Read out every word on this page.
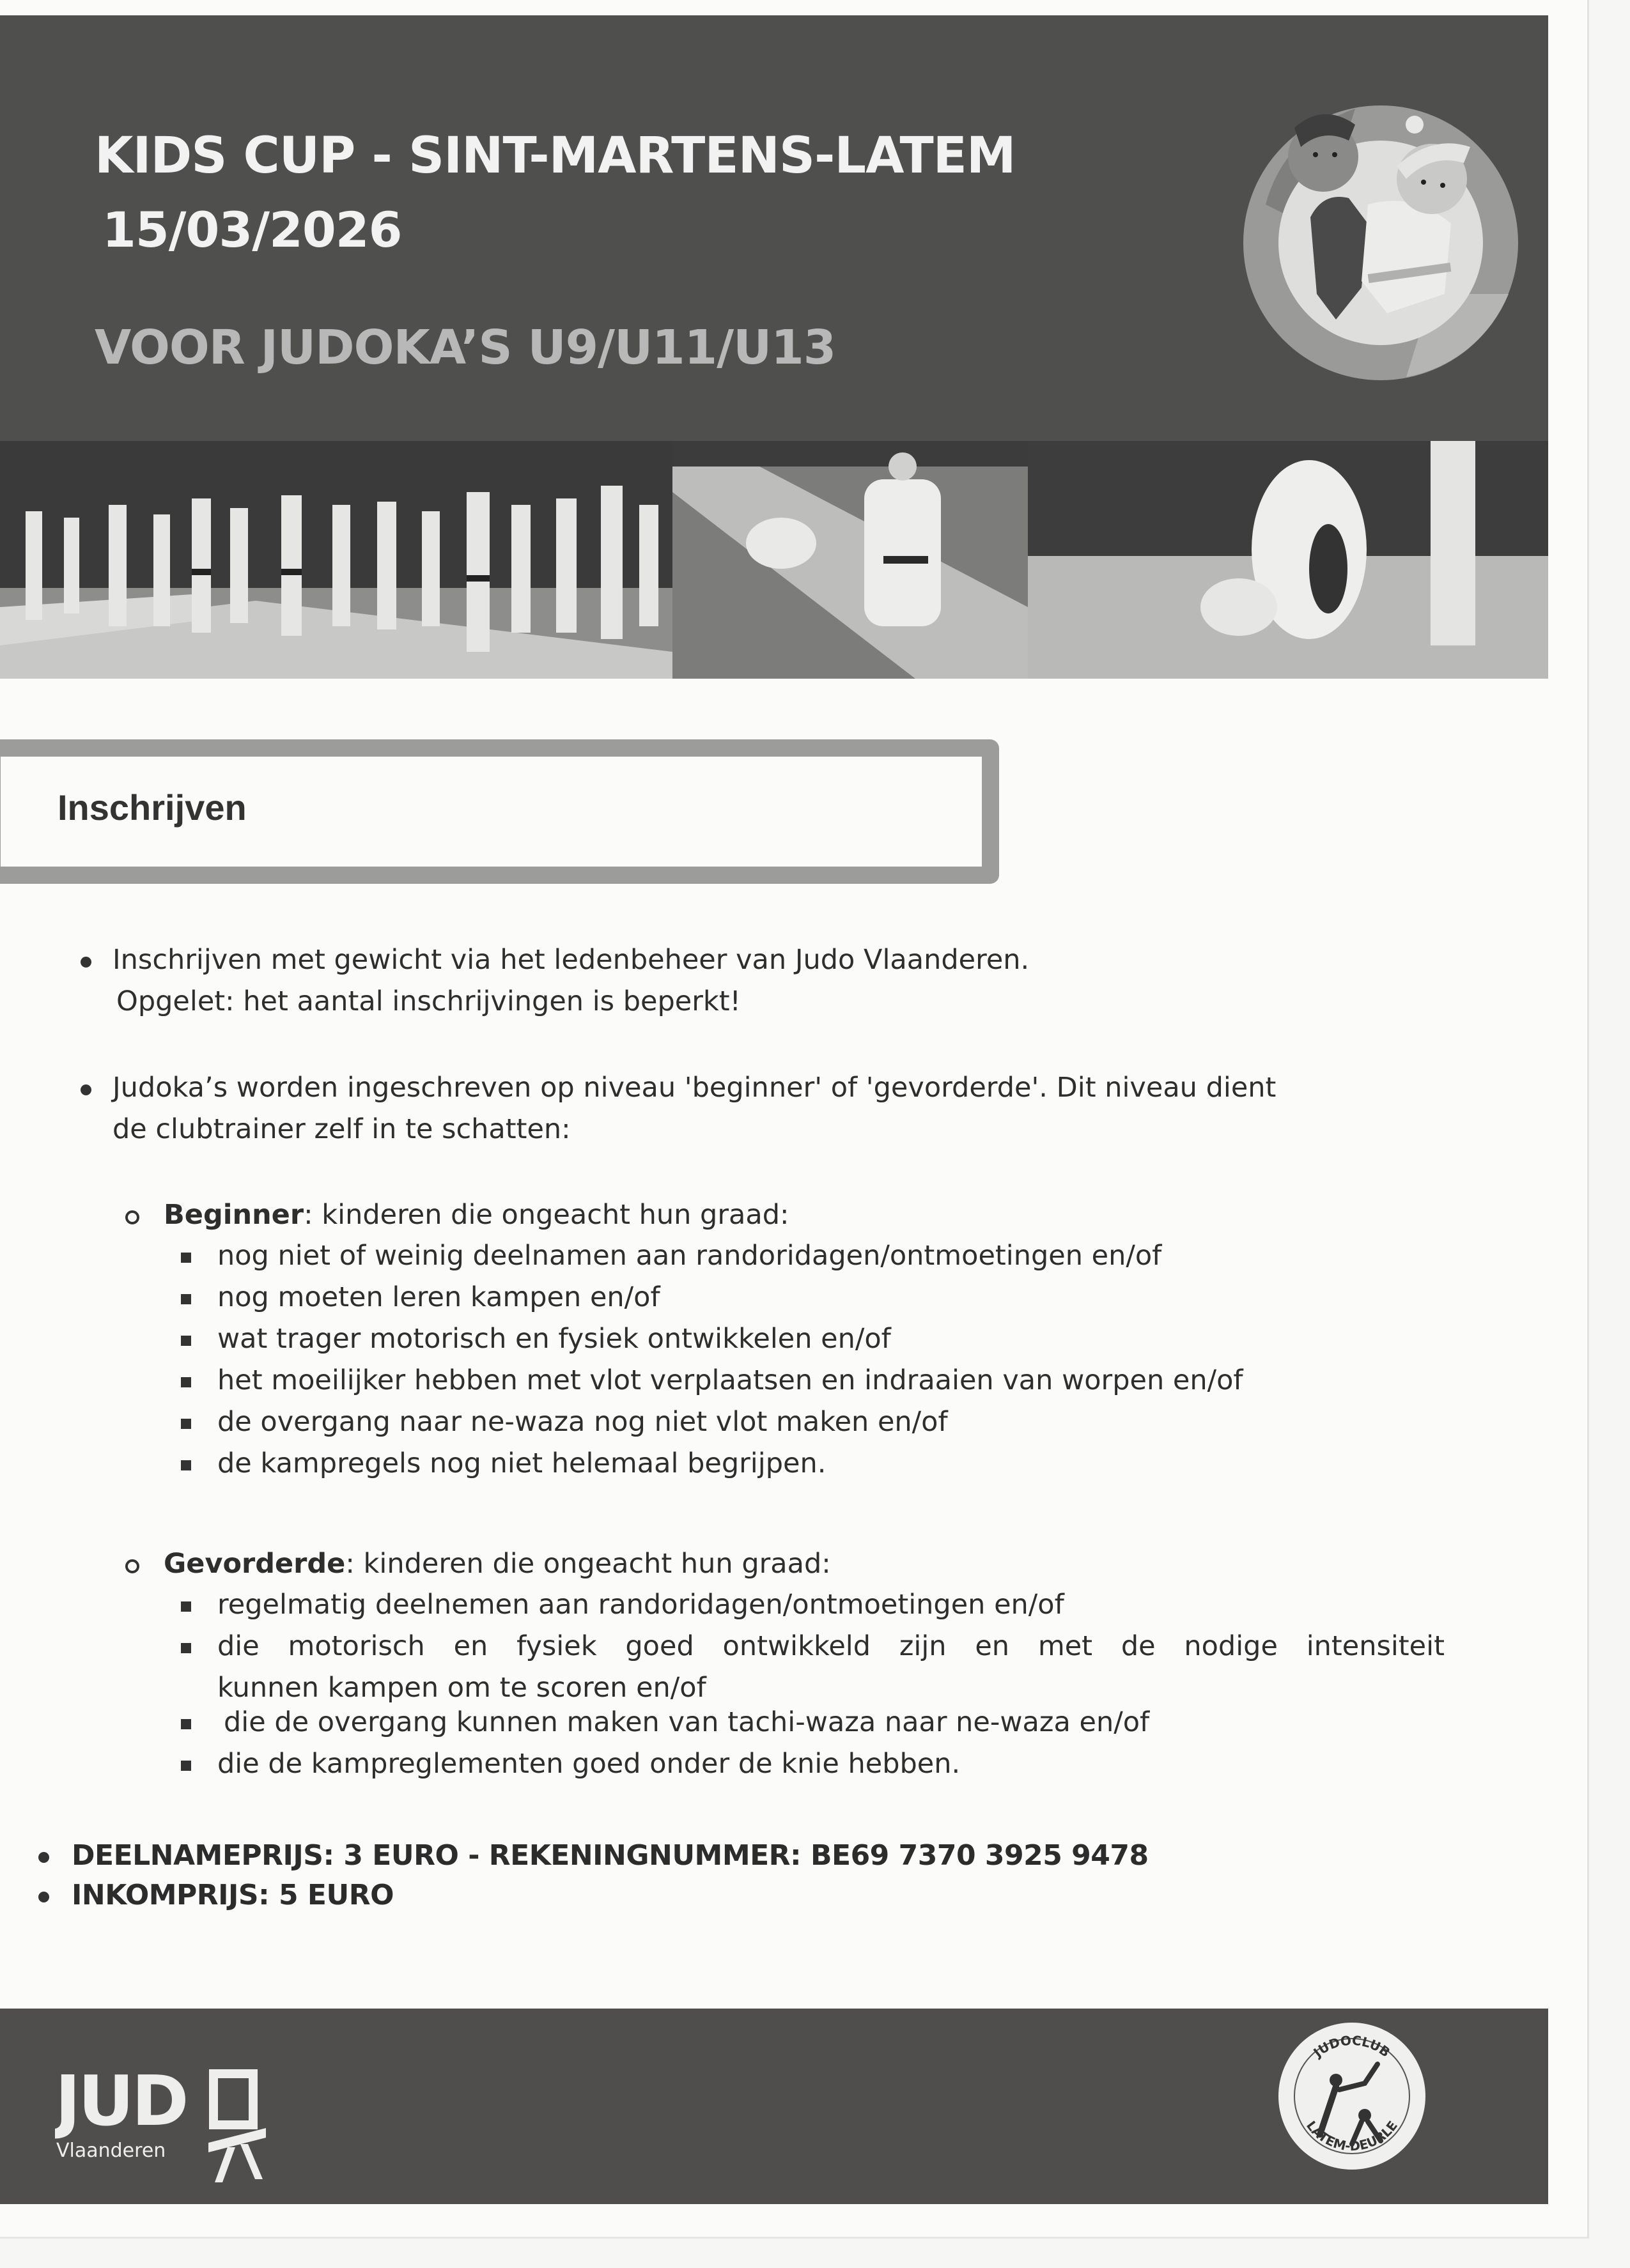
KIDS CUP - SINT-MARTENS-LATEM
15/03/2026
VOOR JUDOKA’S U9/U11/U13
Inschrijven
Inschrijven met gewicht via het ledenbeheer van Judo Vlaanderen.
Opgelet: het aantal inschrijvingen is beperkt!
Judoka’s worden ingeschreven op niveau 'beginner' of 'gevorderde'. Dit niveau dient
de clubtrainer zelf in te schatten:
Beginner: kinderen die ongeacht hun graad:
nog niet of weinig deelnamen aan randoridagen/ontmoetingen en/of
nog moeten leren kampen en/of
wat trager motorisch en fysiek ontwikkelen en/of
het moeilijker hebben met vlot verplaatsen en indraaien van worpen en/of
de overgang naar ne-waza nog niet vlot maken en/of
de kampregels nog niet helemaal begrijpen.
Gevorderde: kinderen die ongeacht hun graad:
regelmatig deelnemen aan randoridagen/ontmoetingen en/of
die motorisch en fysiek goed ontwikkeld zijn en met de nodige intensiteit
kunnen kampen om te scoren en/of
die de overgang kunnen maken van tachi-waza naar ne-waza en/of
die de kampreglementen goed onder de knie hebben.
DEELNAMEPRIJS: 3 EURO - REKENINGNUMMER: BE69 7370 3925 9478
INKOMPRIJS: 5 EURO
JUD
Vlaanderen
JUDOCLUB
LATEM-DEURLE
